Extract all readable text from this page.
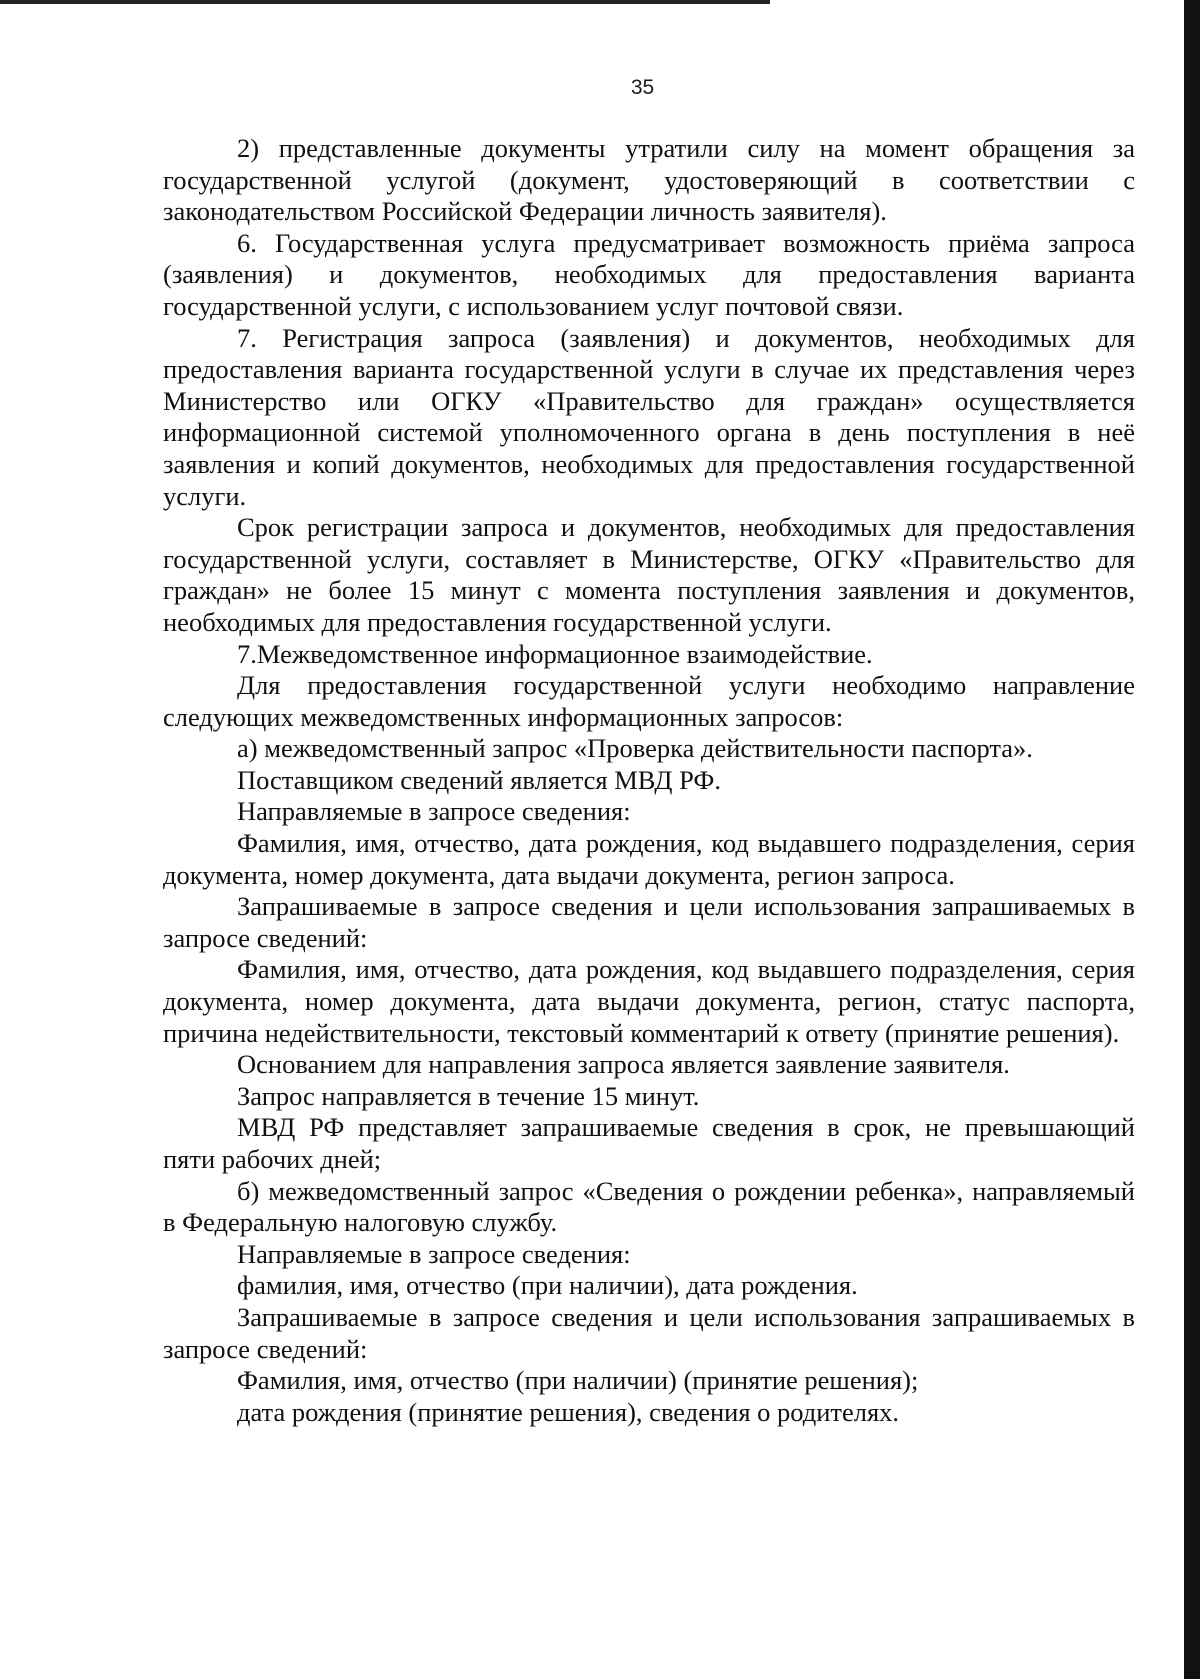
35

2) представленные документы утратили силу на момент обращения за государственной услугой (документ, удостоверяющий в соответствии с законодательством Российской Федерации личность заявителя).

6. Государственная услуга предусматривает возможность приёма запроса (заявления) и документов, необходимых для предоставления варианта государственной услуги, с использованием услуг почтовой связи.

7. Регистрация запроса (заявления) и документов, необходимых для предоставления варианта государственной услуги в случае их представления через Министерство или ОГКУ «Правительство для граждан» осуществляется информационной системой уполномоченного органа в день поступления в неё заявления и копий документов, необходимых для предоставления государственной услуги.

Срок регистрации запроса и документов, необходимых для предоставления государственной услуги, составляет в Министерстве, ОГКУ «Правительство для граждан» не более 15 минут с момента поступления заявления и документов, необходимых для предоставления государственной услуги.

7.Межведомственное информационное взаимодействие.

Для предоставления государственной услуги необходимо направление следующих межведомственных информационных запросов:

а) межведомственный запрос «Проверка действительности паспорта».

Поставщиком сведений является МВД РФ.

Направляемые в запросе сведения:

Фамилия, имя, отчество, дата рождения, код выдавшего подразделения, серия документа, номер документа, дата выдачи документа, регион запроса.

Запрашиваемые в запросе сведения и цели использования запрашиваемых в запросе сведений:

Фамилия, имя, отчество, дата рождения, код выдавшего подразделения, серия документа, номер документа, дата выдачи документа, регион, статус паспорта, причина недействительности, текстовый комментарий к ответу (принятие решения).

Основанием для направления запроса является заявление заявителя.

Запрос направляется в течение 15 минут.

МВД РФ представляет запрашиваемые сведения в срок, не превышающий пяти рабочих дней;

б) межведомственный запрос «Сведения о рождении ребенка», направляемый в Федеральную налоговую службу.

Направляемые в запросе сведения:

фамилия, имя, отчество (при наличии), дата рождения.

Запрашиваемые в запросе сведения и цели использования запрашиваемых в запросе сведений:

Фамилия, имя, отчество (при наличии) (принятие решения);

дата рождения (принятие решения), сведения о родителях.
